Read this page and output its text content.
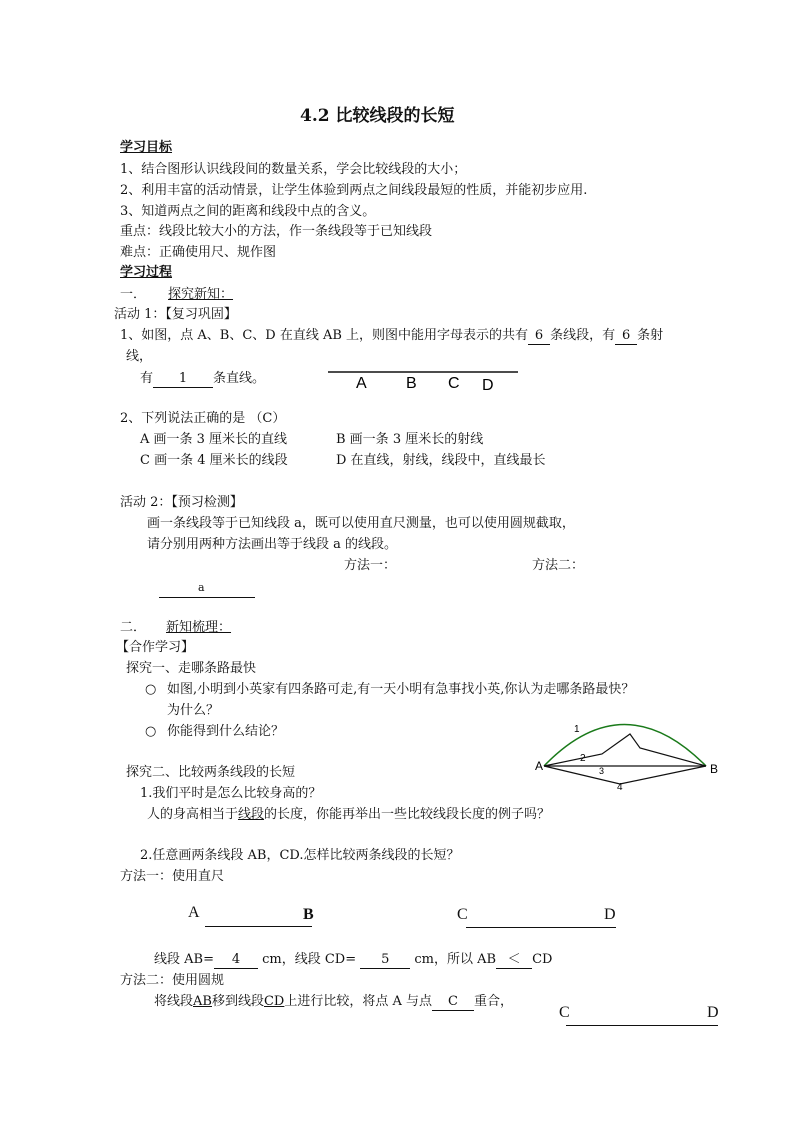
4.2 比较线段的长短
学习目标
1、结合图形认识线段间的数量关系，学会比较线段的大小；
2、利用丰富的活动情景，让学生体验到两点之间线段最短的性质，并能初步应用.
3、知道两点之间的距离和线段中点的含义。
重点：线段比较大小的方法，作一条线段等于已知线段
难点：正确使用尺、规作图
学习过程
一． 探究新知：
活动 1：【复习巩固】
1、如图，点 A、B、C、D 在直线 AB 上，则图中能用字母表示的共有 6 条线段，有 6 条射
线，
有 1 条直线。	A B C D
2、下列说法正确的是 （C）
A 画一条 3 厘米长的直线	B 画一条 3 厘米长的射线
C 画一条 4 厘米长的线段	D 在直线，射线，线段中，直线最长
活动 2：【预习检测】
画一条线段等于已知线段 a，既可以使用直尺测量，也可以使用圆规截取，
请分别用两种方法画出等于线段 a 的线段。
方法一：	方法二：
a
二． 新知梳理：
【合作学习】
探究一、走哪条路最快
○ 如图,小明到小英家有四条路可走,有一天小明有急事找小英,你认为走哪条路最快？
为什么？
○ 你能得到什么结论？
A	B
1
2
3
4
探究二、比较两条线段的长短
1.我们平时是怎么比较身高的？
人的身高相当于线段的长度，你能再举出一些比较线段长度的例子吗？
2.任意画两条线段 AB，CD.怎样比较两条线段的长短？
方法一：使用直尺
A	B	C	D
线段 AB= 4 cm，线段 CD= 5 cm，所以 AB ＜ CD
方法二：使用圆规
将线段AB移到线段CD上进行比较，将点 A 与点 C 重合，
C	D
